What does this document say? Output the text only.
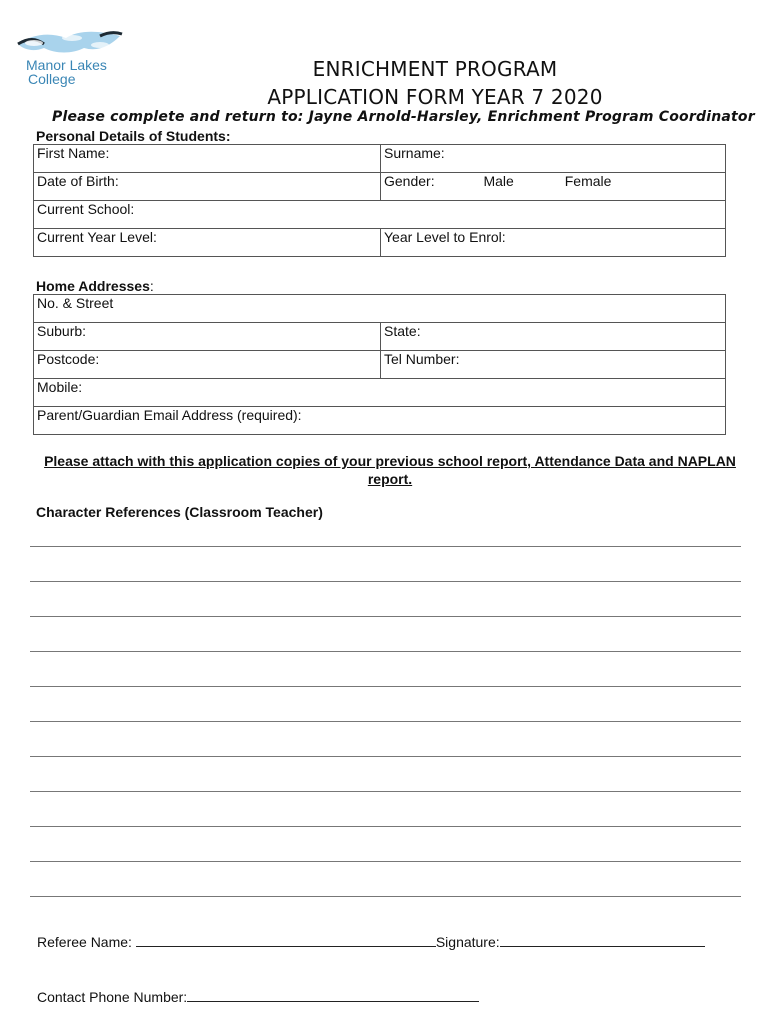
Manor Lakes
College	ENRICHMENT PROGRAM
APPLICATION FORM YEAR 7 2020
Please complete and return to: Jayne Arnold-Harsley, Enrichment Program Coordinator
Personal Details of Students:
First Name:	Surname:
Date of Birth:	Gender: Male Female
Current School:	
Current Year Level:	Year Level to Enrol:
Home Addresses:
No. & Street	
Suburb:	State:
Postcode:	Tel Number:
Mobile:	
Parent/Guardian Email Address (required):	
Please attach with this application copies of your previous school report, Attendance Data and NAPLAN report.
Character References (Classroom Teacher)
Referee Name:	Signature:
Contact Phone Number:
